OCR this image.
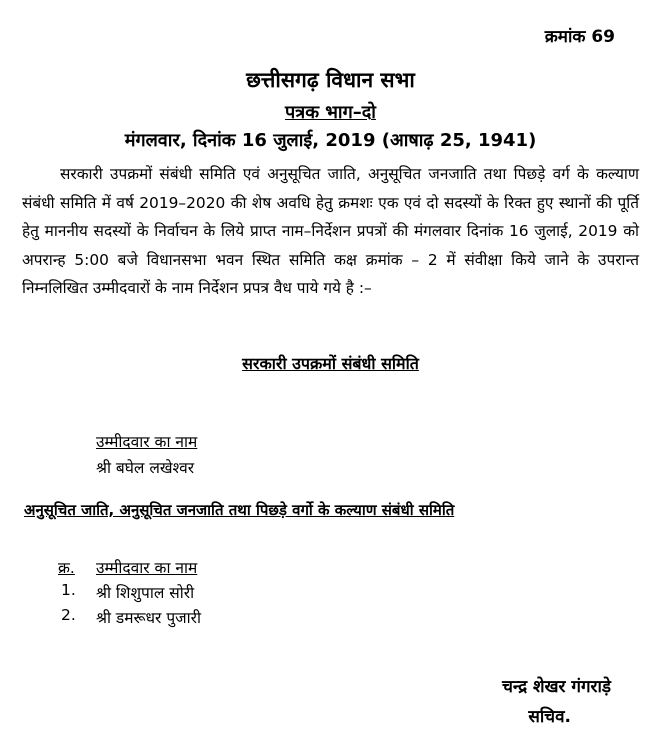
क्रमांक 69
छत्तीसगढ़ विधान सभा
पत्रक भाग–दो
मंगलवार, दिनांक 16 जुलाई, 2019 (आषाढ़ 25, 1941)

सरकारी उपक्रमों संबंधी समिति एवं अनुसूचित जाति, अनुसूचित जनजाति तथा पिछड़े वर्ग के कल्याण संबंधी समिति में वर्ष 2019–2020 की शेष अवधि हेतु क्रमशः एक एवं दो सदस्यों के रिक्त हुए स्थानों की पूर्ति हेतु माननीय सदस्यों के निर्वाचन के लिये प्राप्त नाम–निर्देशन प्रपत्रों की मंगलवार दिनांक 16 जुलाई, 2019 को अपरान्ह 5:00 बजे विधानसभा भवन स्थित समिति कक्ष क्रमांक – 2 में संवीक्षा किये जाने के उपरान्त निम्नलिखित उम्मीदवारों के नाम निर्देशन प्रपत्र वैध पाये गये है :–

सरकारी उपक्रमों संबंधी समिति
उम्मीदवार का नाम
श्री बघेल लखेश्वर
अनुसूचित जाति, अनुसूचित जनजाति तथा पिछड़े वर्गो के कल्याण संबंधी समिति
क्र. उम्मीदवार का नाम
1. श्री शिशुपाल सोरी
2. श्री डमरूधर पुजारी
चन्द्र शेखर गंगराड़े
सचिव.
